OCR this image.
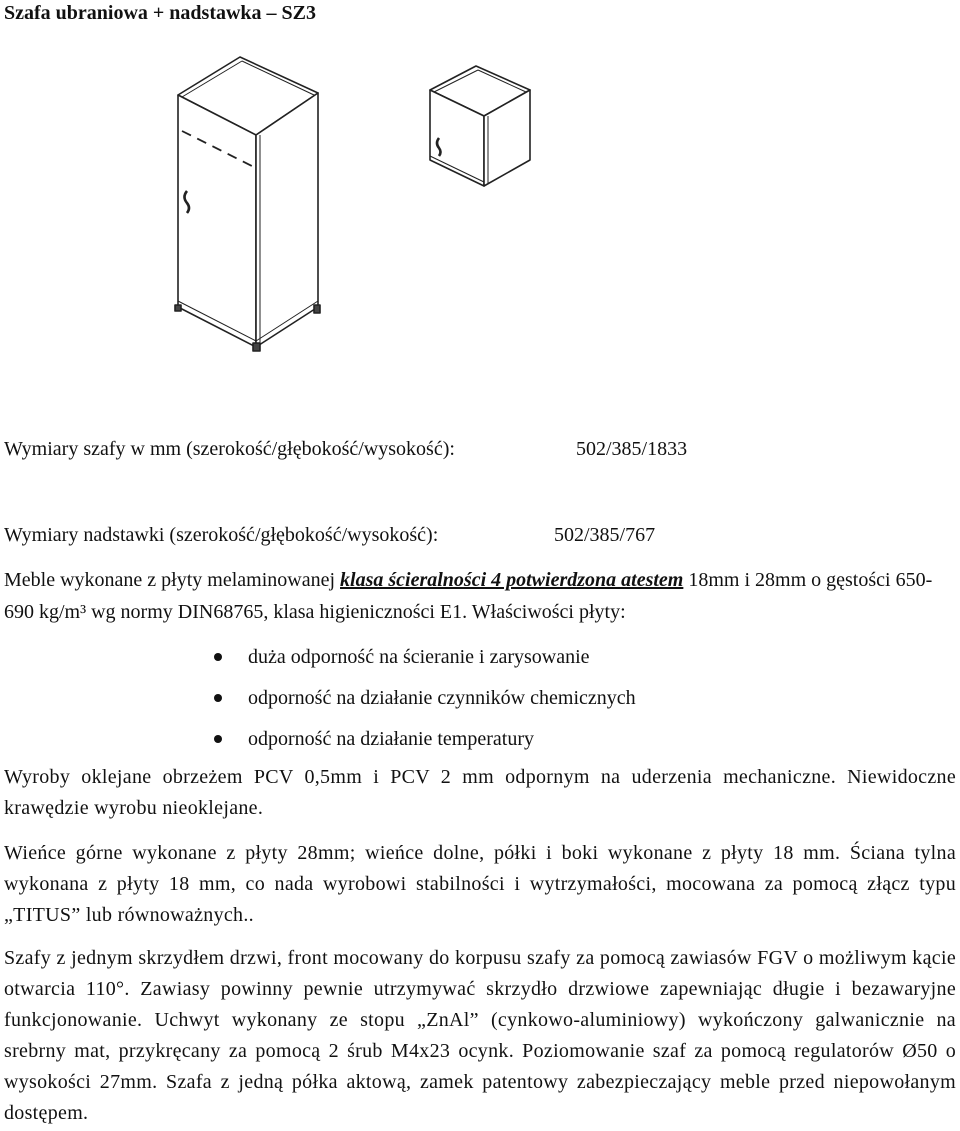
Szafa ubraniowa + nadstawka – SZ3
Wymiary szafy w mm (szerokość/głębokość/wysokość):	502/385/1833
Wymiary nadstawki (szerokość/głębokość/wysokość):	502/385/767

Meble wykonane z płyty melaminowanej klasa ścieralności 4 potwierdzona atestem 18mm i 28mm o gęstości 650-690 kg/m³ wg normy DIN68765, klasa higieniczności E1. Właściwości płyty:

duża odporność na ścieranie i zarysowanie
odporność na działanie czynników chemicznych
odporność na działanie temperatury

Wyroby oklejane obrzeżem PCV 0,5mm i PCV 2 mm odpornym na uderzenia mechaniczne. Niewidoczne krawędzie wyrobu nieoklejane.

Wieńce górne wykonane z płyty 28mm; wieńce dolne, półki i boki wykonane z płyty 18 mm. Ściana tylna wykonana z płyty 18 mm, co nada wyrobowi stabilności i wytrzymałości, mocowana za pomocą złącz typu „TITUS” lub równoważnych..

Szafy z jednym skrzydłem drzwi, front mocowany do korpusu szafy za pomocą zawiasów FGV o możliwym kącie otwarcia 110°. Zawiasy powinny pewnie utrzymywać skrzydło drzwiowe zapewniając długie i bezawaryjne funkcjonowanie. Uchwyt wykonany ze stopu „ZnAl” (cynkowo-aluminiowy) wykończony galwanicznie na srebrny mat, przykręcany za pomocą 2 śrub M4x23 ocynk. Poziomowanie szaf za pomocą regulatorów Ø50 o wysokości 27mm. Szafa z jedną półka aktową, zamek patentowy zabezpieczający meble przed niepowołanym dostępem.
